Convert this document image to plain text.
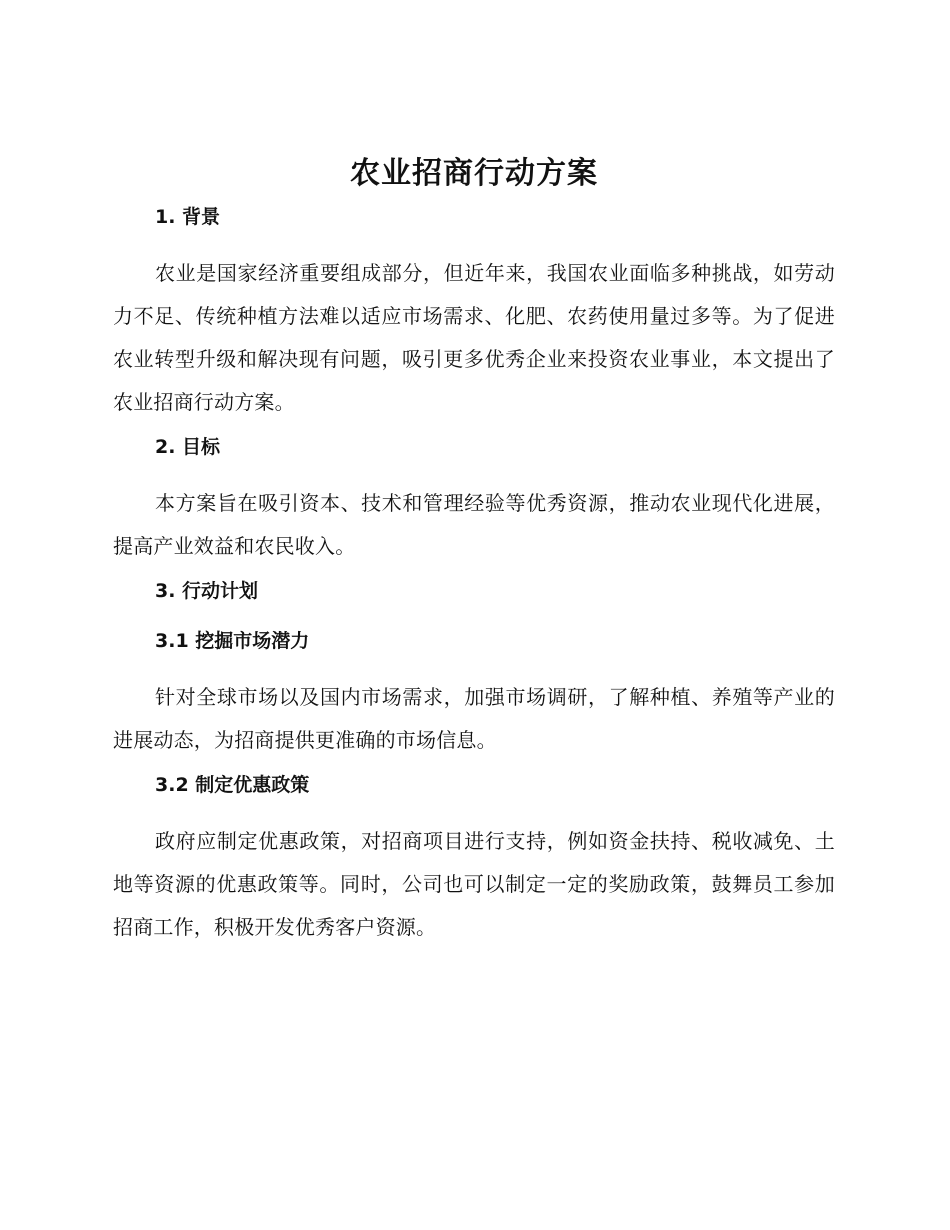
农业招商行动方案
1. 背景

农业是国家经济重要组成部分，但近年来，我国农业面临多种挑战，如劳动力不足、传统种植方法难以适应市场需求、化肥、农药使用量过多等。为了促进农业转型升级和解决现有问题，吸引更多优秀企业来投资农业事业，本文提出了农业招商行动方案。

2. 目标

本方案旨在吸引资本、技术和管理经验等优秀资源，推动农业现代化进展，提高产业效益和农民收入。

3. 行动计划
3.1 挖掘市场潜力

针对全球市场以及国内市场需求，加强市场调研，了解种植、养殖等产业的进展动态，为招商提供更准确的市场信息。

3.2 制定优惠政策

政府应制定优惠政策，对招商项目进行支持，例如资金扶持、税收减免、土地等资源的优惠政策等。同时，公司也可以制定一定的奖励政策，鼓舞员工参加招商工作，积极开发优秀客户资源。
